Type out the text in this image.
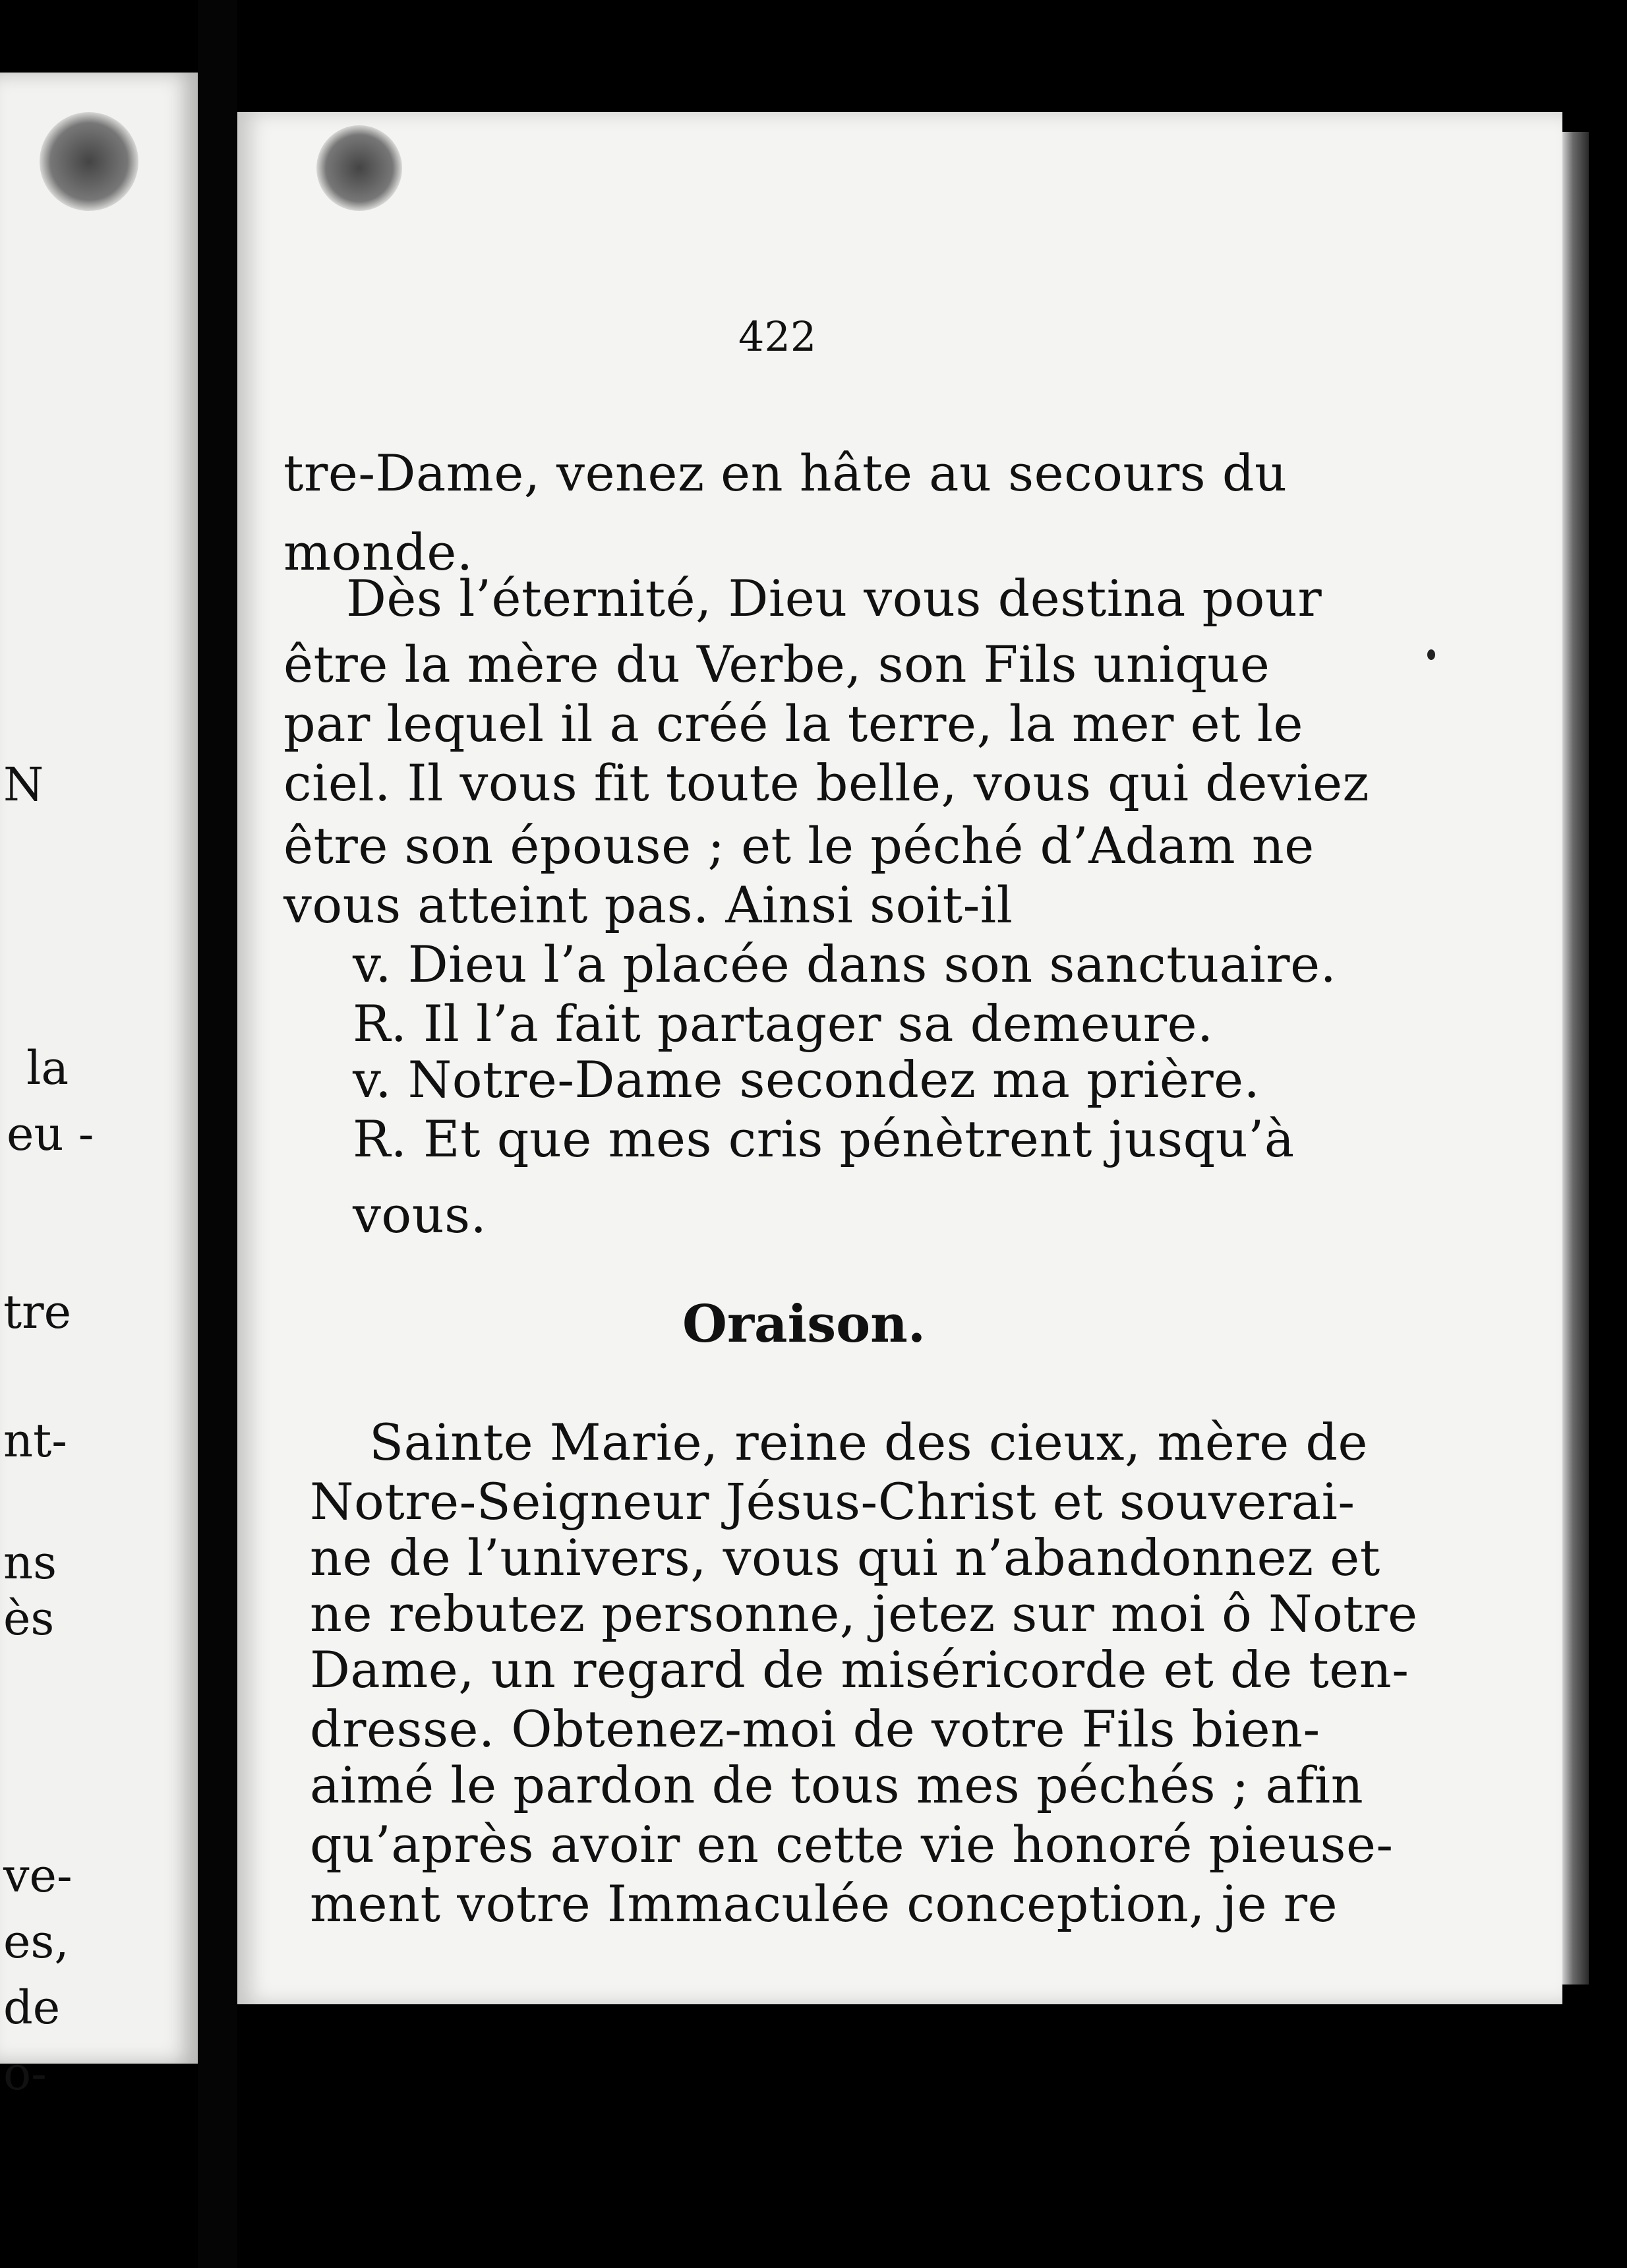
N
la
eu -
tre
nt-
ns
ès
ve-
es,
de
o-
422
tre-Dame, venez en hâte au secours du
monde.
Dès l’éternité, Dieu vous destina pour
être la mère du Verbe, son Fils unique
par lequel il a créé la terre, la mer et le
ciel. Il vous fit toute belle, vous qui deviez
être son épouse ; et le péché d’Adam ne
vous atteint pas. Ainsi soit-il
v. Dieu l’a placée dans son sanctuaire.
R. Il l’a fait partager sa demeure.
v. Notre-Dame secondez ma prière.
R. Et que mes cris pénètrent jusqu’à
vous.
Oraison.
Sainte Marie, reine des cieux, mère de
Notre-Seigneur Jésus-Christ et souverai-
ne de l’univers, vous qui n’abandonnez et
ne rebutez personne, jetez sur moi ô Notre
Dame, un regard de miséricorde et de ten-
dresse. Obtenez-moi de votre Fils bien-
aimé le pardon de tous mes péchés ; afin
qu’après avoir en cette vie honoré pieuse-
ment votre Immaculée conception, je re
